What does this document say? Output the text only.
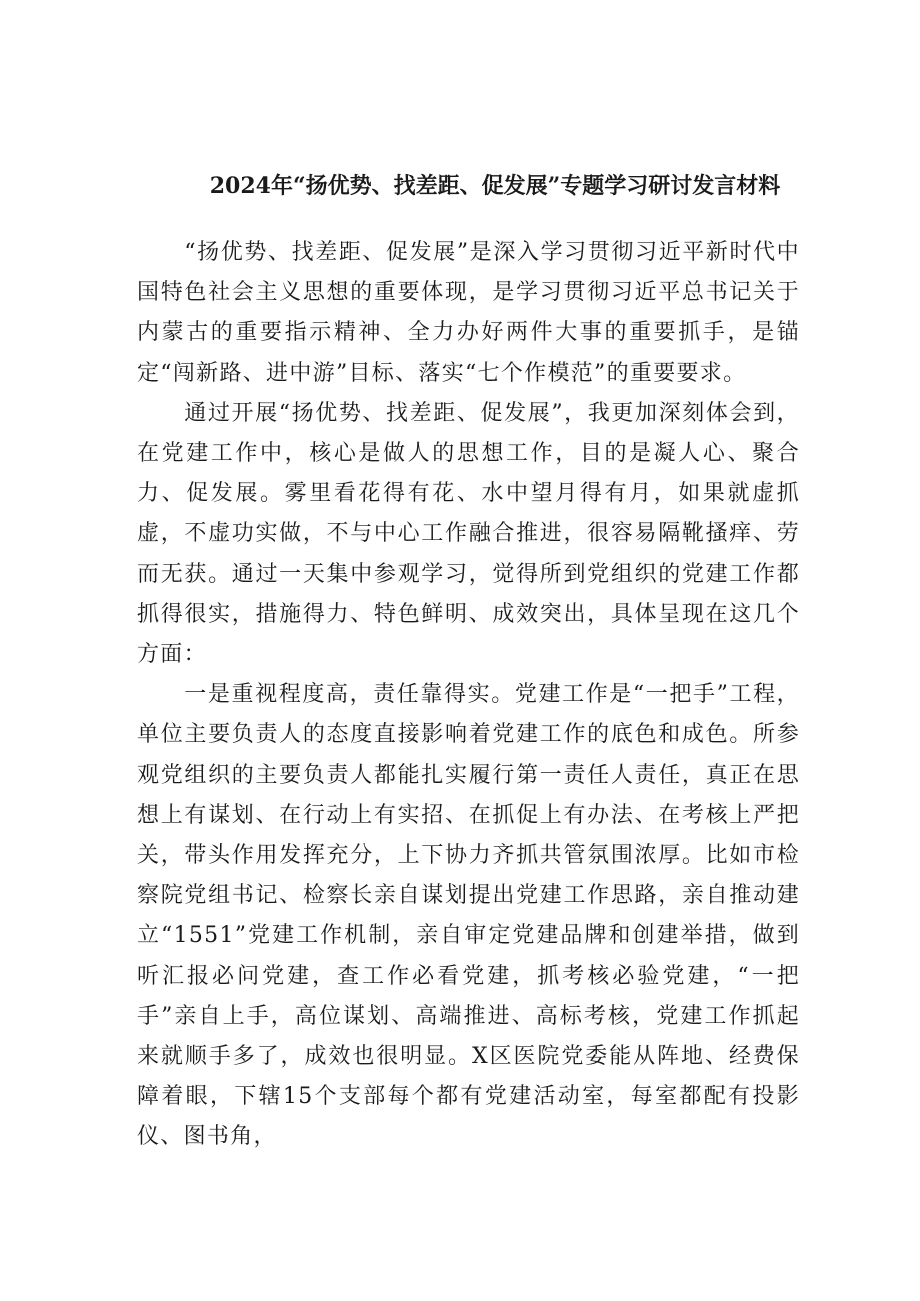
2024年“扬优势、找差距、促发展”专题学习研讨发言材料

“扬优势、找差距、促发展”是深入学习贯彻习近平新时代中国特色社会主义思想的重要体现，是学习贯彻习近平总书记关于内蒙古的重要指示精神、全力办好两件大事的重要抓手，是锚定“闯新路、进中游”目标、落实“七个作模范”的重要要求。

通过开展“扬优势、找差距、促发展”，我更加深刻体会到，在党建工作中，核心是做人的思想工作，目的是凝人心、聚合力、促发展。雾里看花得有花、水中望月得有月，如果就虚抓虚，不虚功实做，不与中心工作融合推进，很容易隔靴搔痒、劳而无获。通过一天集中参观学习，觉得所到党组织的党建工作都抓得很实，措施得力、特色鲜明、成效突出，具体呈现在这几个方面：

一是重视程度高，责任靠得实。党建工作是“一把手”工程，单位主要负责人的态度直接影响着党建工作的底色和成色。所参观党组织的主要负责人都能扎实履行第一责任人责任，真正在思想上有谋划、在行动上有实招、在抓促上有办法、在考核上严把关，带头作用发挥充分，上下协力齐抓共管氛围浓厚。比如市检察院党组书记、检察长亲自谋划提出党建工作思路，亲自推动建立“1551”党建工作机制，亲自审定党建品牌和创建举措，做到听汇报必问党建，查工作必看党建，抓考核必验党建，“一把手”亲自上手，高位谋划、高端推进、高标考核，党建工作抓起来就顺手多了，成效也很明显。X区医院党委能从阵地、经费保障着眼，下辖15个支部每个都有党建活动室，每室都配有投影仪、图书角，
